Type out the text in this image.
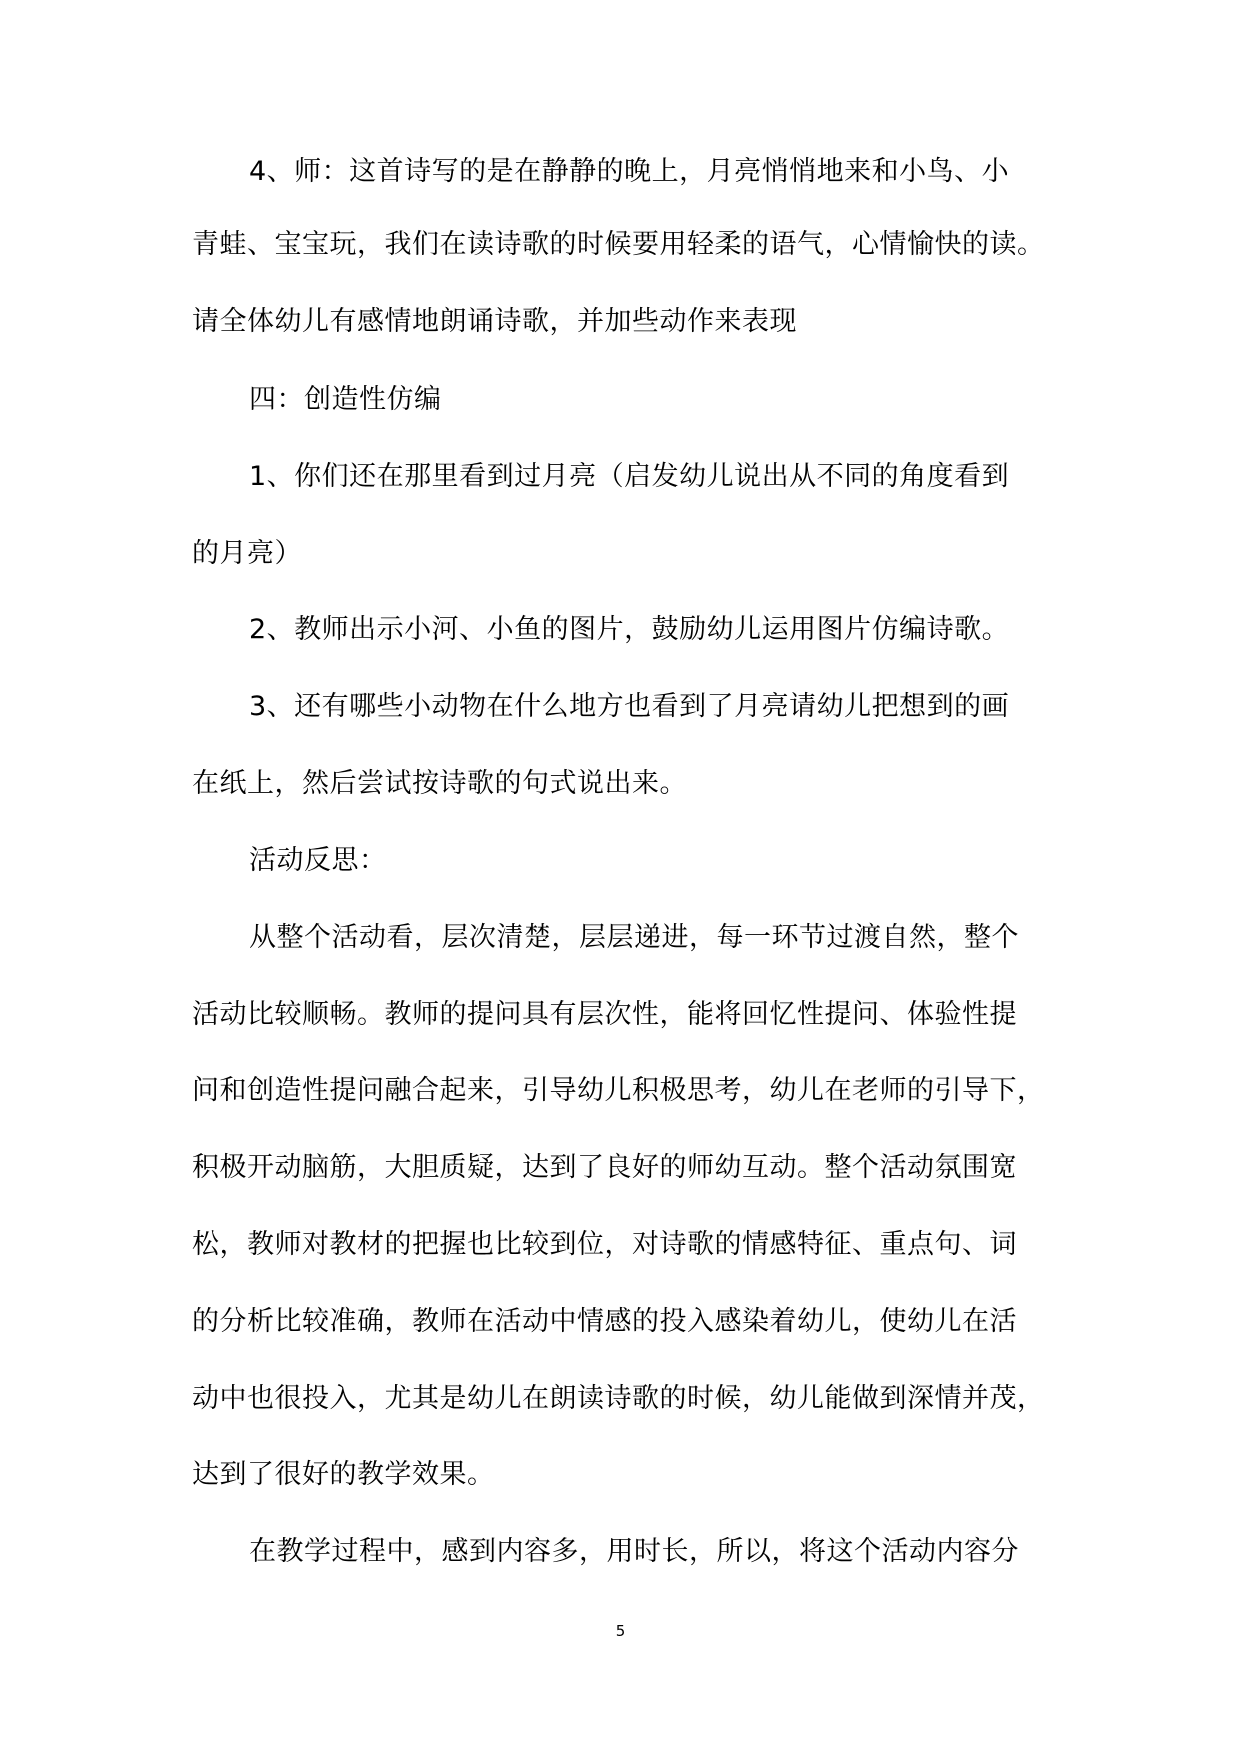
4、师：这首诗写的是在静静的晚上，月亮悄悄地来和小鸟、小
青蛙、宝宝玩，我们在读诗歌的时候要用轻柔的语气，心情愉快的读。
请全体幼儿有感情地朗诵诗歌，并加些动作来表现
四：创造性仿编
1、你们还在那里看到过月亮（启发幼儿说出从不同的角度看到
的月亮）
2、教师出示小河、小鱼的图片，鼓励幼儿运用图片仿编诗歌。
3、还有哪些小动物在什么地方也看到了月亮请幼儿把想到的画
在纸上，然后尝试按诗歌的句式说出来。
活动反思：
从整个活动看，层次清楚，层层递进，每一环节过渡自然，整个
活动比较顺畅。教师的提问具有层次性，能将回忆性提问、体验性提
问和创造性提问融合起来，引导幼儿积极思考，幼儿在老师的引导下，
积极开动脑筋，大胆质疑，达到了良好的师幼互动。整个活动氛围宽
松，教师对教材的把握也比较到位，对诗歌的情感特征、重点句、词
的分析比较准确，教师在活动中情感的投入感染着幼儿，使幼儿在活
动中也很投入，尤其是幼儿在朗读诗歌的时候，幼儿能做到深情并茂，
达到了很好的教学效果。
在教学过程中，感到内容多，用时长，所以，将这个活动内容分
5
